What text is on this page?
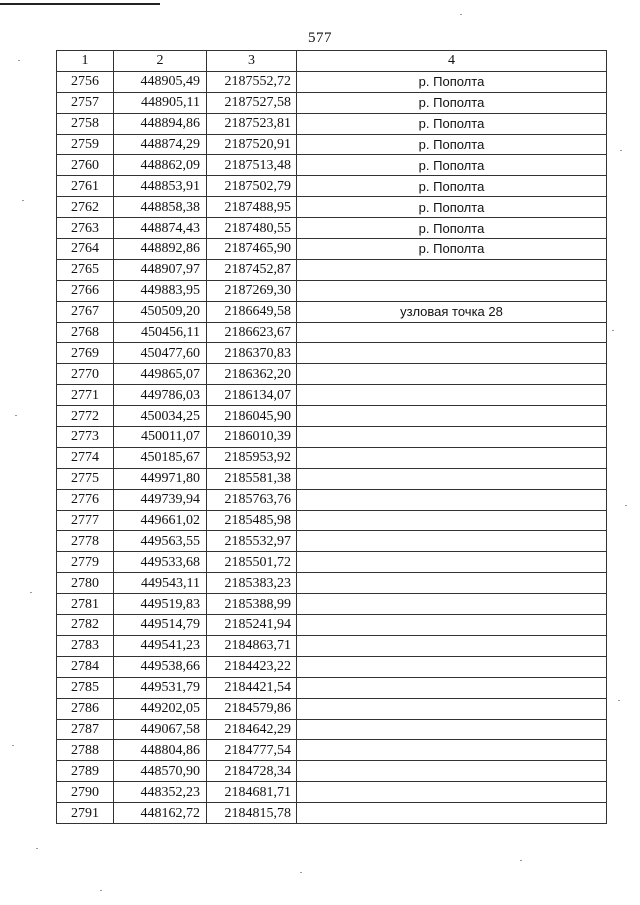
577
1	2	3	4
2756	448905,49	2187552,72	р. Пополта
2757	448905,11	2187527,58	р. Пополта
2758	448894,86	2187523,81	р. Пополта
2759	448874,29	2187520,91	р. Пополта
2760	448862,09	2187513,48	р. Пополта
2761	448853,91	2187502,79	р. Пополта
2762	448858,38	2187488,95	р. Пополта
2763	448874,43	2187480,55	р. Пополта
2764	448892,86	2187465,90	р. Пополта
2765	448907,97	2187452,87	
2766	449883,95	2187269,30	
2767	450509,20	2186649,58	узловая точка 28
2768	450456,11	2186623,67	
2769	450477,60	2186370,83	
2770	449865,07	2186362,20	
2771	449786,03	2186134,07	
2772	450034,25	2186045,90	
2773	450011,07	2186010,39	
2774	450185,67	2185953,92	
2775	449971,80	2185581,38	
2776	449739,94	2185763,76	
2777	449661,02	2185485,98	
2778	449563,55	2185532,97	
2779	449533,68	2185501,72	
2780	449543,11	2185383,23	
2781	449519,83	2185388,99	
2782	449514,79	2185241,94	
2783	449541,23	2184863,71	
2784	449538,66	2184423,22	
2785	449531,79	2184421,54	
2786	449202,05	2184579,86	
2787	449067,58	2184642,29	
2788	448804,86	2184777,54	
2789	448570,90	2184728,34	
2790	448352,23	2184681,71	
2791	448162,72	2184815,78	
